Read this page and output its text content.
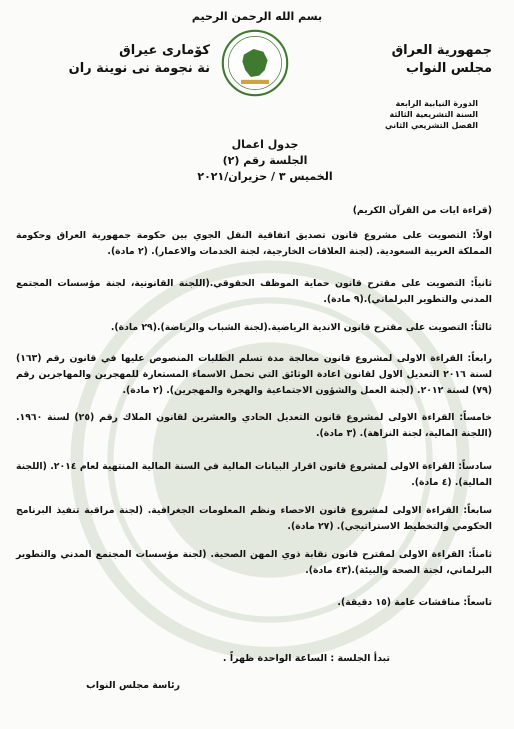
بسم الله الرحمن الرحيم
جمهورية العراق
مجلس النواب
كۆمارى عيراق
نة نجومة نى نوينة ران
الدورة النيابية الرابعة
السنة التشريعية الثالثة
الفصل التشريعي الثاني
جدول اعمال
الجلسة رقم (٢)
الخميس ٣ / حزيران/٢٠٢١
(قراءة ايات من القرآن الكريم)
اولاً: التصويت على مشروع قانون تصديق اتفاقية النقل الجوي بين حكومة جمهورية العراق وحكومة المملكة العربية السعودية. (لجنة العلاقات الخارجية، لجنة الخدمات والاعمار). (٢ مادة).
ثانياً: التصويت على مقترح قانون حماية الموظف الحقوقي.(اللجنة القانونية، لجنة مؤسسات المجتمع المدني والتطوير البرلماني).(٩ مادة).
ثالثاً: التصويت على مقترح قانون الاندية الرياضية.(لجنة الشباب والرياضة).(٢٩ مادة).
رابعاً: القراءة الاولى لمشروع قانون معالجة مدة تسلم الطلبات المنصوص عليها في قانون رقم (١٦٣) لسنة ٢٠١٦ التعديل الاول لقانون اعادة الوثائق التي تحمل الاسماء المستعارة للمهجرين والمهاجرين رقم (٧٩) لسنة ٢٠١٢. (لجنة العمل والشؤون الاجتماعية والهجرة والمهجرين). (٢ مادة).
خامساً: القراءة الاولى لمشروع قانون التعديل الحادي والعشرين لقانون الملاك رقم (٢٥) لسنة ١٩٦٠. (اللجنة المالية، لجنة النزاهة). (٣ مادة).
سادساً: القراءة الاولى لمشروع قانون اقرار البيانات المالية في السنة المالية المنتهية لعام ٢٠١٤. (اللجنة المالية). (٤ مادة).
سابعاً: القراءة الاولى لمشروع قانون الاحصاء ونظم المعلومات الجغرافية. (لجنة مراقبة تنفيذ البرنامج الحكومي والتخطيط الاستراتيجي). (٢٧ مادة).
ثامناً: القراءة الاولى لمقترح قانون نقابة ذوي المهن الصحية. (لجنة مؤسسات المجتمع المدني والتطوير البرلماني، لجنة الصحة والبيئة).(٤٣ مادة).
تاسعاً: مناقشات عامة (١٥ دقيقة).
تبدأ الجلسة : الساعة الواحدة ظهراً .
رئاسة مجلس النواب
